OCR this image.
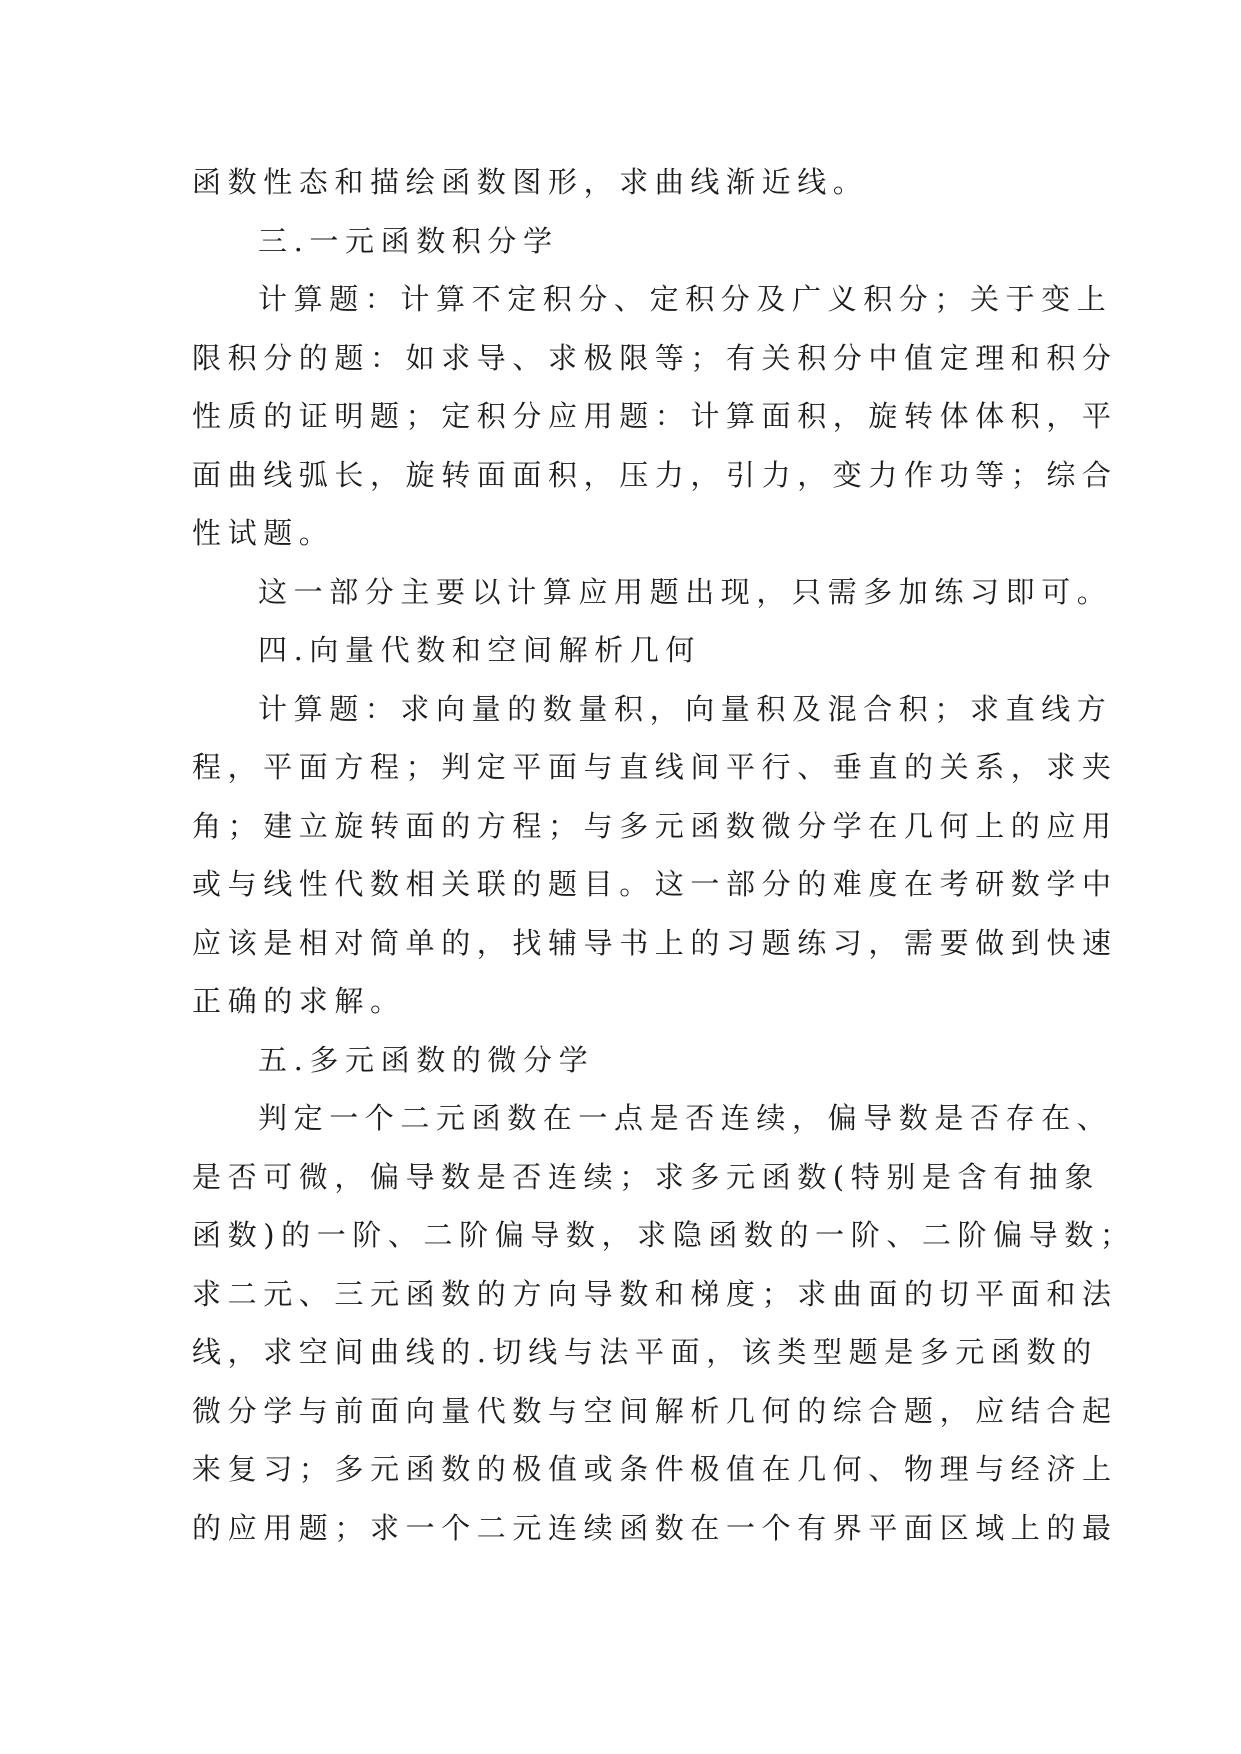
函数性态和描绘函数图形，求曲线渐近线。
三.一元函数积分学
计算题：计算不定积分、定积分及广义积分；关于变上
限积分的题：如求导、求极限等；有关积分中值定理和积分
性质的证明题；定积分应用题：计算面积，旋转体体积，平
面曲线弧长，旋转面面积，压力，引力，变力作功等；综合
性试题。
这一部分主要以计算应用题出现，只需多加练习即可。
四.向量代数和空间解析几何
计算题：求向量的数量积，向量积及混合积；求直线方
程，平面方程；判定平面与直线间平行、垂直的关系，求夹
角；建立旋转面的方程；与多元函数微分学在几何上的应用
或与线性代数相关联的题目。这一部分的难度在考研数学中
应该是相对简单的，找辅导书上的习题练习，需要做到快速
正确的求解。
五.多元函数的微分学
判定一个二元函数在一点是否连续，偏导数是否存在、
是否可微，偏导数是否连续；求多元函数(特别是含有抽象
函数)的一阶、二阶偏导数，求隐函数的一阶、二阶偏导数；
求二元、三元函数的方向导数和梯度；求曲面的切平面和法
线，求空间曲线的.切线与法平面，该类型题是多元函数的
微分学与前面向量代数与空间解析几何的综合题，应结合起
来复习；多元函数的极值或条件极值在几何、物理与经济上
的应用题；求一个二元连续函数在一个有界平面区域上的最
